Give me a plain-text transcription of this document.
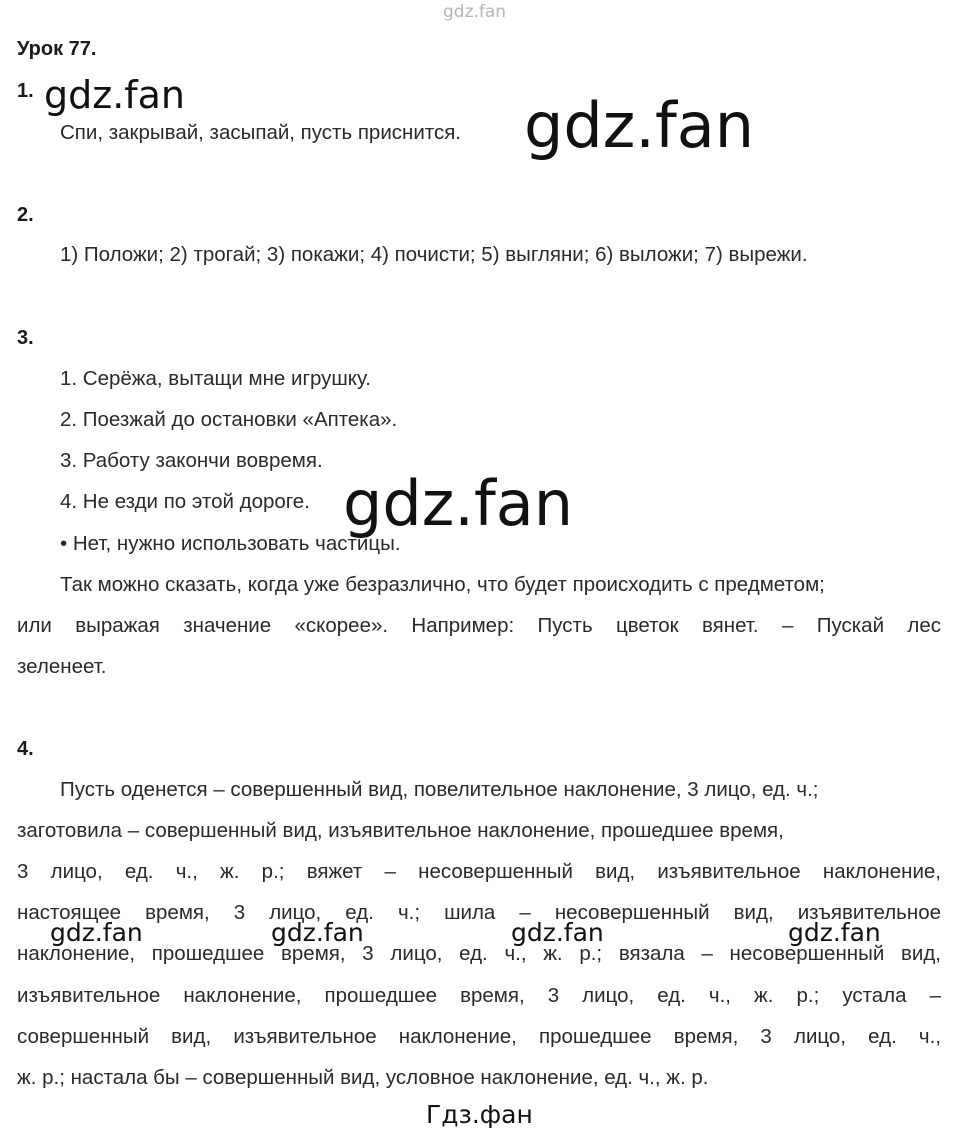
gdz.fan
Урок 77.
1.
Спи, закрывай, засыпай, пусть приснится.
gdz.fan	gdz.fan
2.
1) Положи; 2) трогай; 3) покажи; 4) почисти; 5) выгляни; 6) выложи; 7) вырежи.
3.
1. Серёжа, вытащи мне игрушку.
2. Поезжай до остановки «Аптека».
3. Работу закончи вовремя.
4. Не езди по этой дороге.
• Нет, нужно использовать частицы.
gdz.fan
Так можно сказать, когда уже безразлично, что будет происходить с предметом;
или выражая значение «скорее». Например: Пусть цветок вянет. – Пускай лес
зеленеет.
4.
Пусть оденется – совершенный вид, повелительное наклонение, 3 лицо, ед. ч.;
заготовила – совершенный вид, изъявительное наклонение, прошедшее время,
3 лицо, ед. ч., ж. р.; вяжет – несовершенный вид, изъявительное наклонение,
настоящее время, 3 лицо, ед. ч.; шила – несовершенный вид, изъявительное
наклонение, прошедшее время, 3 лицо, ед. ч., ж. р.; вязала – несовершенный вид,
изъявительное наклонение, прошедшее время, 3 лицо, ед. ч., ж. р.; устала –
совершенный вид, изъявительное наклонение, прошедшее время, 3 лицо, ед. ч.,
ж. р.; настала бы – совершенный вид, условное наклонение, ед. ч., ж. р.
gdz.fan	gdz.fan	gdz.fan	gdz.fan
Гдз.фан
